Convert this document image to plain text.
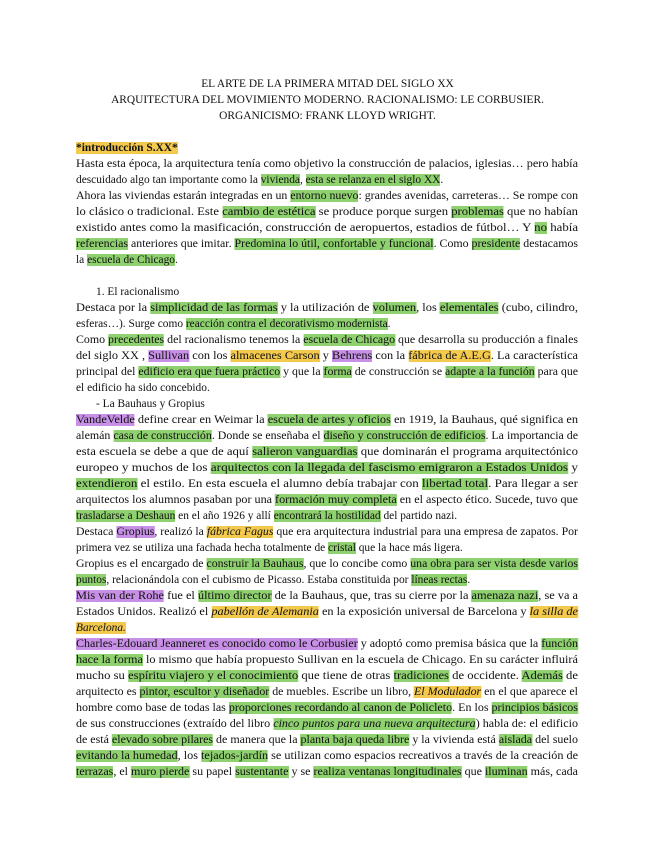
EL ARTE DE LA PRIMERA MITAD DEL SIGLO XX
ARQUITECTURA DEL MOVIMIENTO MODERNO. RACIONALISMO: LE CORBUSIER.
ORGANICISMO: FRANK LLOYD WRIGHT.
*introducción S.XX*
Hasta esta época, la arquitectura tenía como objetivo la construcción de palacios, iglesias… pero había
descuidado algo tan importante como la vivienda, esta se relanza en el siglo XX.
Ahora las viviendas estarán integradas en un entorno nuevo: grandes avenidas, carreteras… Se rompe con
lo clásico o tradicional. Este cambio de estética se produce porque surgen problemas que no habían
existido antes como la masificación, construcción de aeropuertos, estadios de fútbol… Y no había
referencias anteriores que imitar. Predomina lo útil, confortable y funcional. Como presidente destacamos
la escuela de Chicago.
1. El racionalismo
Destaca por la simplicidad de las formas y la utilización de volumen, los elementales (cubo, cilindro,
esferas…). Surge como reacción contra el decorativismo modernista.
Como precedentes del racionalismo tenemos la escuela de Chicago que desarrolla su producción a finales
del siglo XX , Sullivan con los almacenes Carson y Behrens con la fábrica de A.E.G. La característica
principal del edificio era que fuera práctico y que la forma de construcción se adapte a la función para que
el edificio ha sido concebido.
- La Bauhaus y Gropius
VandeVelde define crear en Weimar la escuela de artes y oficios en 1919, la Bauhaus, qué significa en
alemán casa de construcción. Donde se enseñaba el diseño y construcción de edificios. La importancia de
esta escuela se debe a que de aquí salieron vanguardias que dominarán el programa arquitectónico
europeo y muchos de los arquitectos con la llegada del fascismo emigraron a Estados Unidos y
extendieron el estilo. En esta escuela el alumno debía trabajar con libertad total. Para llegar a ser
arquitectos los alumnos pasaban por una formación muy completa en el aspecto ético. Sucede, tuvo que
trasladarse a Deshaun en el año 1926 y allí encontrará la hostilidad del partido nazi.
Destaca Gropius, realizó la fábrica Fagus que era arquitectura industrial para una empresa de zapatos. Por
primera vez se utiliza una fachada hecha totalmente de cristal que la hace más ligera.
Gropius es el encargado de construir la Bauhaus, que lo concibe como una obra para ser vista desde varios
puntos, relacionándola con el cubismo de Picasso. Estaba constituida por líneas rectas.
Mis van der Rohe fue el último director de la Bauhaus, que, tras su cierre por la amenaza nazi, se va a
Estados Unidos. Realizó el pabellón de Alemania en la exposición universal de Barcelona y la silla de
Barcelona.
Charles-Edouard Jeanneret es conocido como le Corbusier y adoptó como premisa básica que la función
hace la forma lo mismo que había propuesto Sullivan en la escuela de Chicago. En su carácter influirá
mucho su espíritu viajero y el conocimiento que tiene de otras tradiciones de occidente. Además de
arquitecto es pintor, escultor y diseñador de muebles. Escribe un libro, El Modulador en el que aparece el
hombre como base de todas las proporciones recordando al canon de Policleto. En los principios básicos
de sus construcciones (extraído del libro cinco puntos para una nueva arquitectura) habla de: el edificio
de está elevado sobre pilares de manera que la planta baja queda libre y la vivienda está aislada del suelo
evitando la humedad, los tejados-jardín se utilizan como espacios recreativos a través de la creación de
terrazas, el muro pierde su papel sustentante y se realiza ventanas longitudinales que iluminan más, cada
